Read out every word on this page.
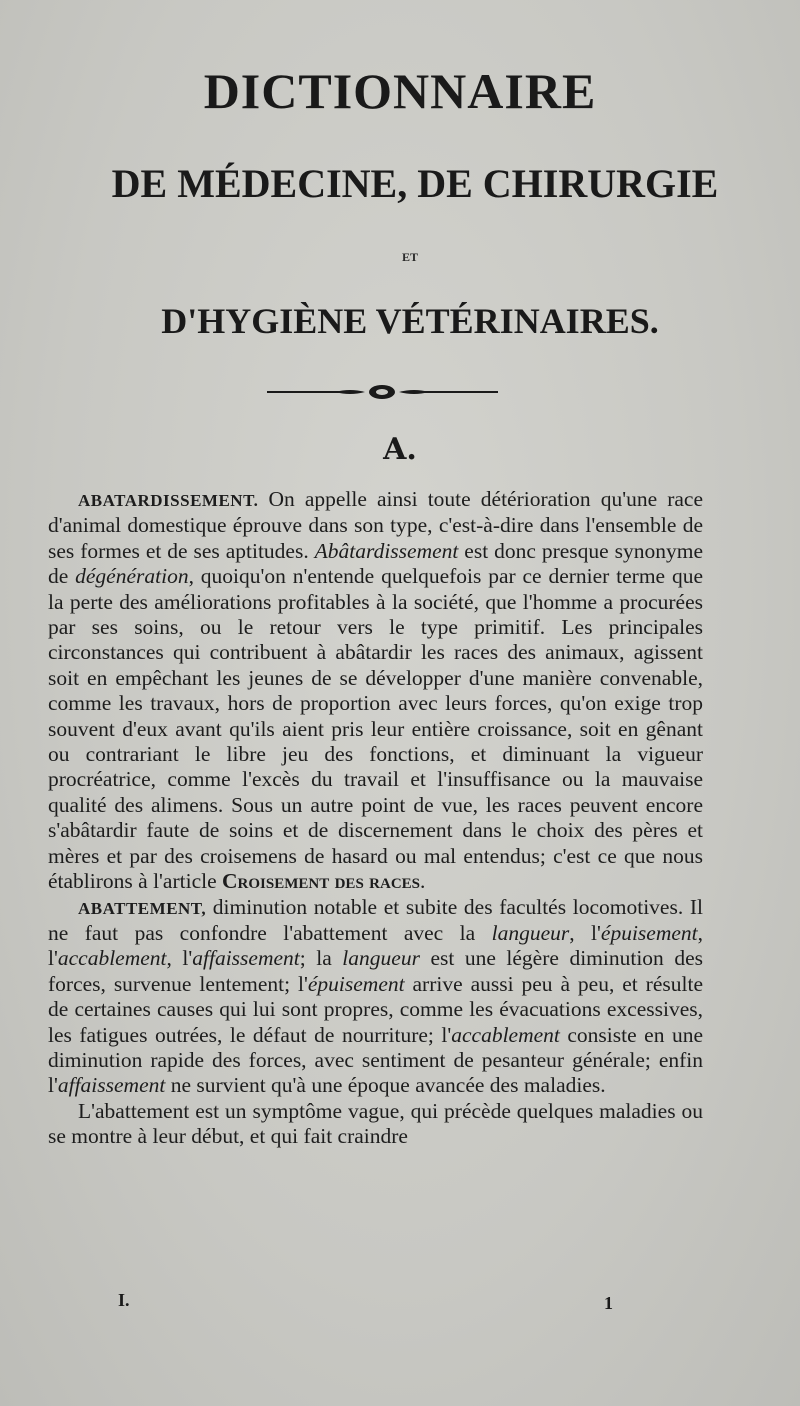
DICTIONNAIRE
DE MÉDECINE, DE CHIRURGIE
ET
D'HYGIÈNE VÉTÉRINAIRES.
A.

ABATARDISSEMENT. On appelle ainsi toute détérioration qu'une race d'animal domestique éprouve dans son type, c'est-à-dire dans l'ensemble de ses formes et de ses aptitudes. Abâtardissement est donc presque synonyme de dégénération, quoiqu'on n'entende quelquefois par ce dernier terme que la perte des améliorations profitables à la société, que l'homme a procurées par ses soins, ou le retour vers le type primitif. Les principales circonstances qui contribuent à abâtardir les races des animaux, agissent soit en empêchant les jeunes de se développer d'une manière convenable, comme les travaux, hors de proportion avec leurs forces, qu'on exige trop souvent d'eux avant qu'ils aient pris leur entière croissance, soit en gênant ou contrariant le libre jeu des fonctions, et diminuant la vigueur procréatrice, comme l'excès du travail et l'insuffisance ou la mauvaise qualité des alimens. Sous un autre point de vue, les races peuvent encore s'abâtardir faute de soins et de discernement dans le choix des pères et mères et par des croisemens de hasard ou mal entendus; c'est ce que nous établirons à l'article Croisement des races.

ABATTEMENT, diminution notable et subite des facultés locomotives. Il ne faut pas confondre l'abattement avec la langueur, l'épuisement, l'accablement, l'affaissement; la langueur est une légère diminution des forces, survenue lentement; l'épuisement arrive aussi peu à peu, et résulte de certaines causes qui lui sont propres, comme les évacuations excessives, les fatigues outrées, le défaut de nourriture; l'accablement consiste en une diminution rapide des forces, avec sentiment de pesanteur générale; enfin l'affaissement ne survient qu'à une époque avancée des maladies.

L'abattement est un symptôme vague, qui précède quelques maladies ou se montre à leur début, et qui fait craindre

I.	1
